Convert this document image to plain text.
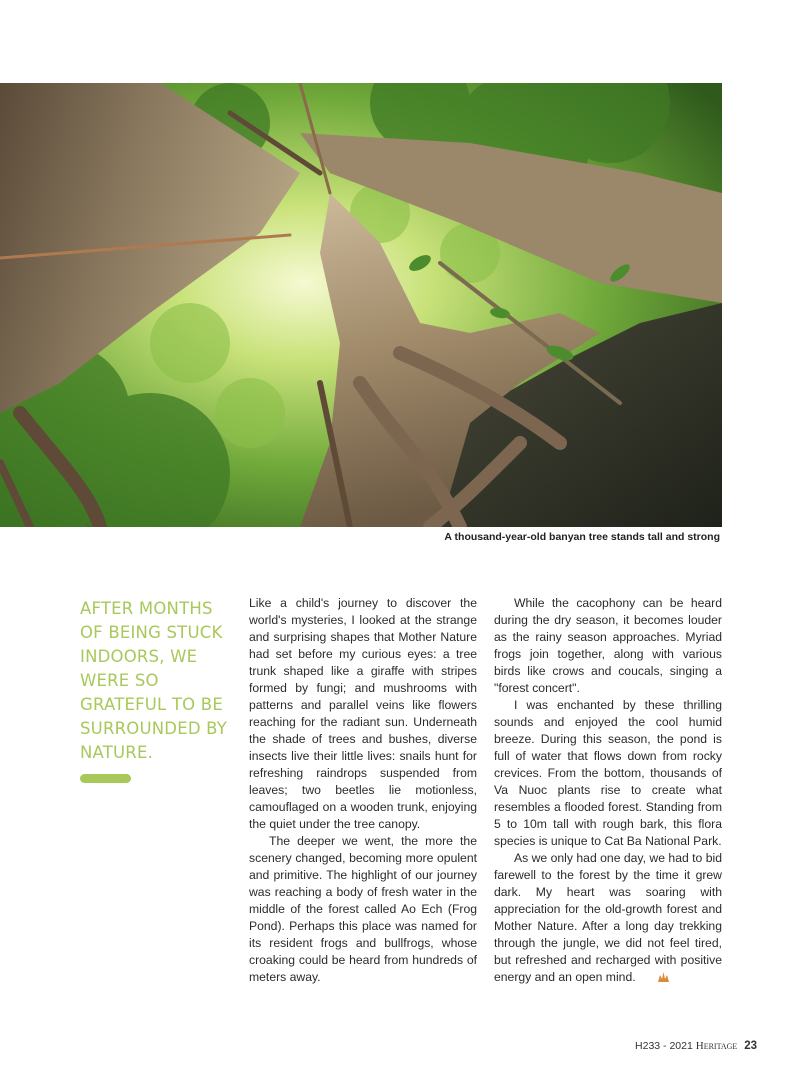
A thousand-year-old banyan tree stands tall and strong
AFTER MONTHS OF BEING STUCK INDOORS, WE WERE SO GRATEFUL TO BE SURROUNDED BY NATURE.

Like a child's journey to discover the world's mysteries, I looked at the strange and surprising shapes that Mother Nature had set before my curious eyes: a tree trunk shaped like a giraffe with stripes formed by fungi; and mushrooms with patterns and parallel veins like flowers reaching for the radiant sun. Underneath the shade of trees and bushes, diverse insects live their little lives: snails hunt for refreshing raindrops suspended from leaves; two beetles lie motionless, camouflaged on a wooden trunk, enjoying the quiet under the tree canopy.

The deeper we went, the more the scenery changed, becoming more opulent and primitive. The highlight of our journey was reaching a body of fresh water in the middle of the forest called Ao Ech (Frog Pond). Perhaps this place was named for its resident frogs and bullfrogs, whose croaking could be heard from hundreds of meters away.

While the cacophony can be heard during the dry season, it becomes louder as the rainy season approaches. Myriad frogs join together, along with various birds like crows and coucals, singing a "forest concert".

I was enchanted by these thrilling sounds and enjoyed the cool humid breeze. During this season, the pond is full of water that flows down from rocky crevices. From the bottom, thousands of Va Nuoc plants rise to create what resembles a flooded forest. Standing from 5 to 10m tall with rough bark, this flora species is unique to Cat Ba National Park.

As we only had one day, we had to bid farewell to the forest by the time it grew dark. My heart was soaring with appreciation for the old-growth forest and Mother Nature. After a long day trekking through the jungle, we did not feel tired, but refreshed and recharged with positive energy and an open mind.

H233 - 2021 Heritage 23
